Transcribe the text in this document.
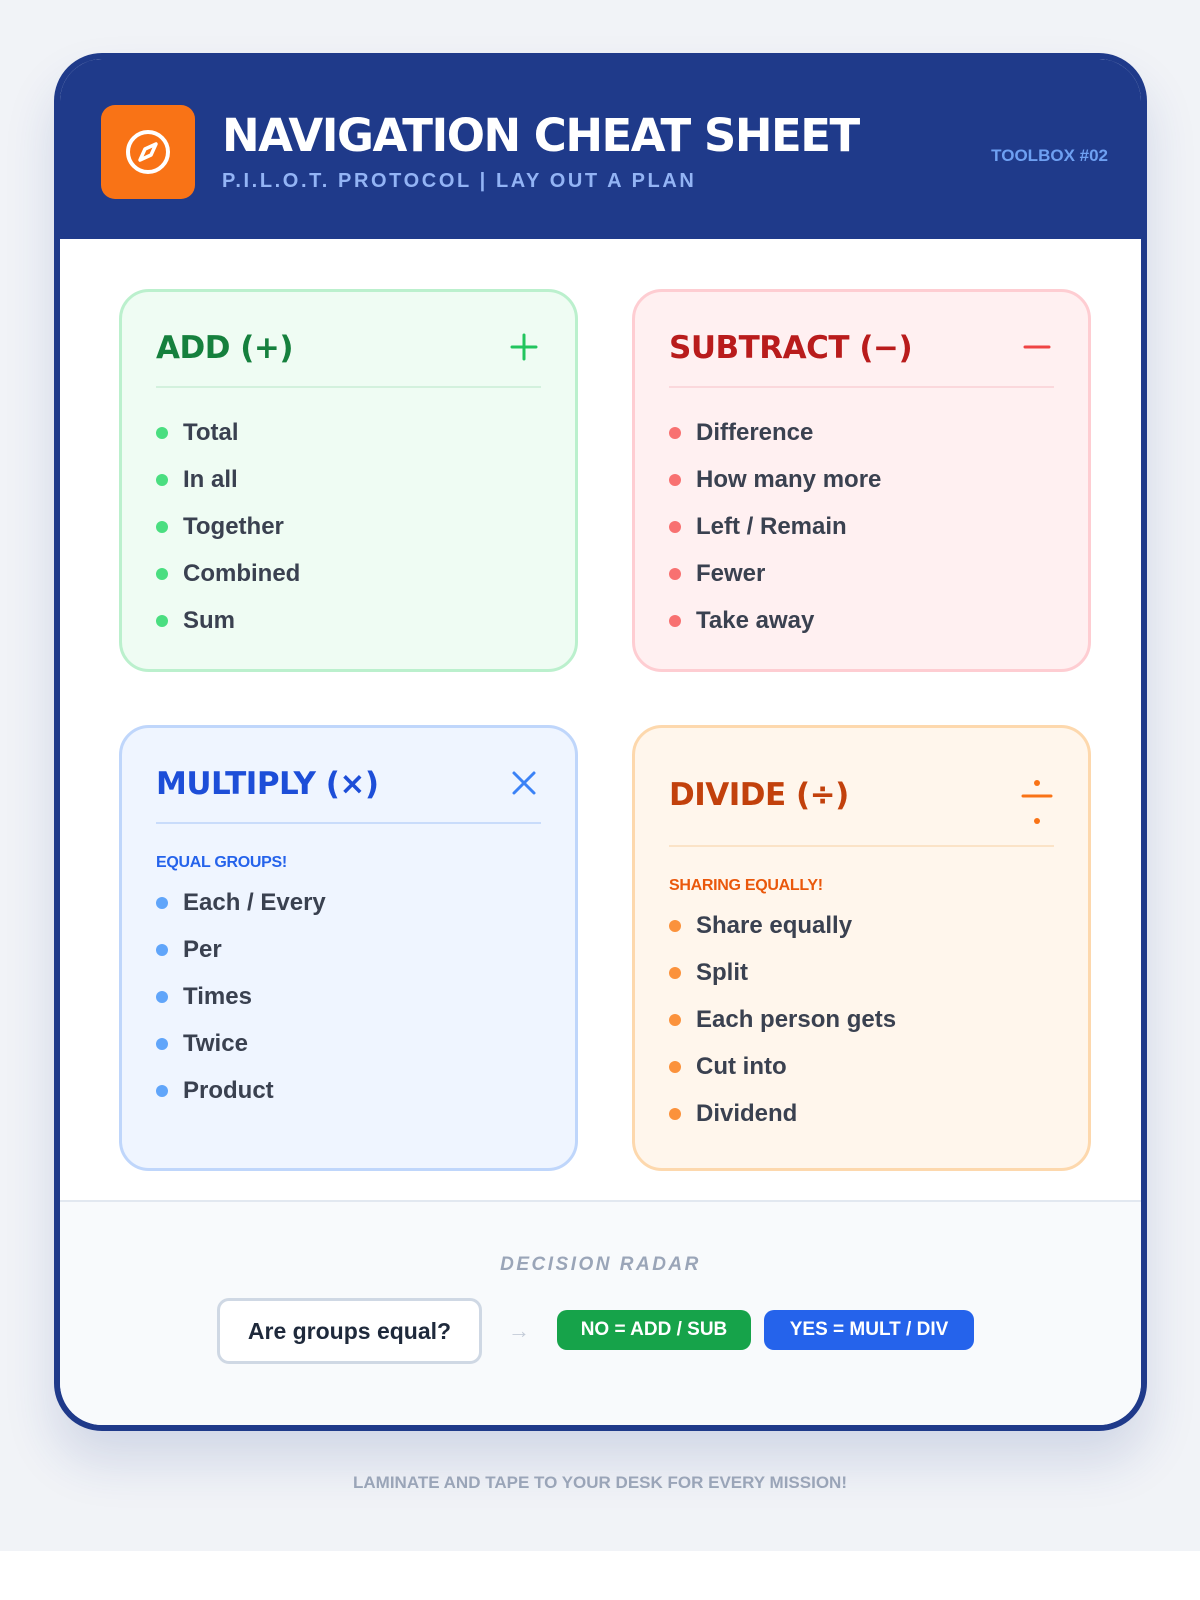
NAVIGATION CHEAT SHEET
P.I.L.O.T. PROTOCOL | LAY OUT A PLAN
TOOLBOX #02
ADD (+)
Total
In all
Together
Combined
Sum
SUBTRACT (−)
Difference
How many more
Left / Remain
Fewer
Take away
MULTIPLY (×)
EQUAL GROUPS!
Each / Every
Per
Times
Twice
Product
DIVIDE (÷)
SHARING EQUALLY!
Share equally
Split
Each person gets
Cut into
Dividend
DECISION RADAR
Are groups equal?	→	NO = ADD / SUB	YES = MULT / DIV
LAMINATE AND TAPE TO YOUR DESK FOR EVERY MISSION!
